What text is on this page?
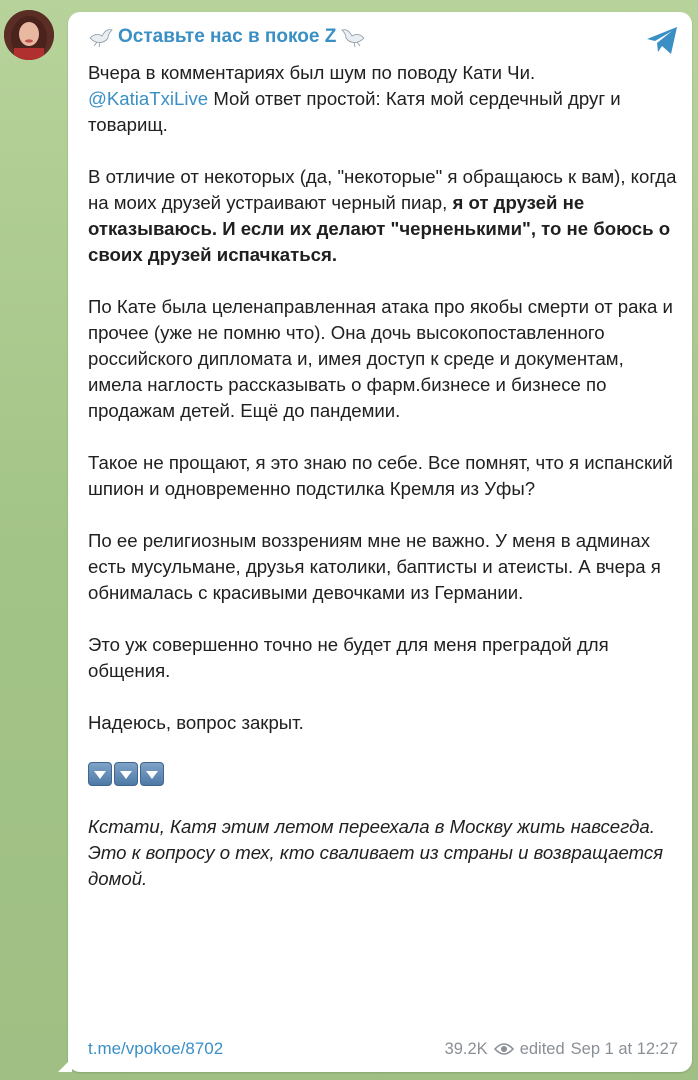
Оставьте нас в покое Z

Вчера в комментариях был шум по поводу Кати Чи.
@KatiaTxiLive Мой ответ простой: Катя мой сердечный друг и товарищ.

В отличие от некоторых (да, "некоторые" я обращаюсь к вам), когда на моих друзей устраивают черный пиар, я от друзей не отказываюсь. И если их делают "черненькими", то не боюсь о своих друзей испачкаться.

По Кате была целенаправленная атака про якобы смерти от рака и прочее (уже не помню что). Она дочь высокопоставленного российского дипломата и, имея доступ к среде и документам, имела наглость рассказывать о фарм.бизнесе и бизнесе по продажам детей. Ещё до пандемии.

Такое не прощают, я это знаю по себе. Все помнят, что я испанский шпион и одновременно подстилка Кремля из Уфы?

По ее религиозным воззрениям мне не важно. У меня в админах есть мусульмане, друзья католики, баптисты и атеисты. А вчера я обнималась с красивыми девочками из Германии.

Это уж совершенно точно не будет для меня преградой для общения.

Надеюсь, вопрос закрыт.

Кстати, Катя этим летом переехала в Москву жить навсегда. Это к вопросу о тех, кто сваливает из страны и возвращается домой.

t.me/vpokoe/8702	39.2K edited Sep 1 at 12:27
